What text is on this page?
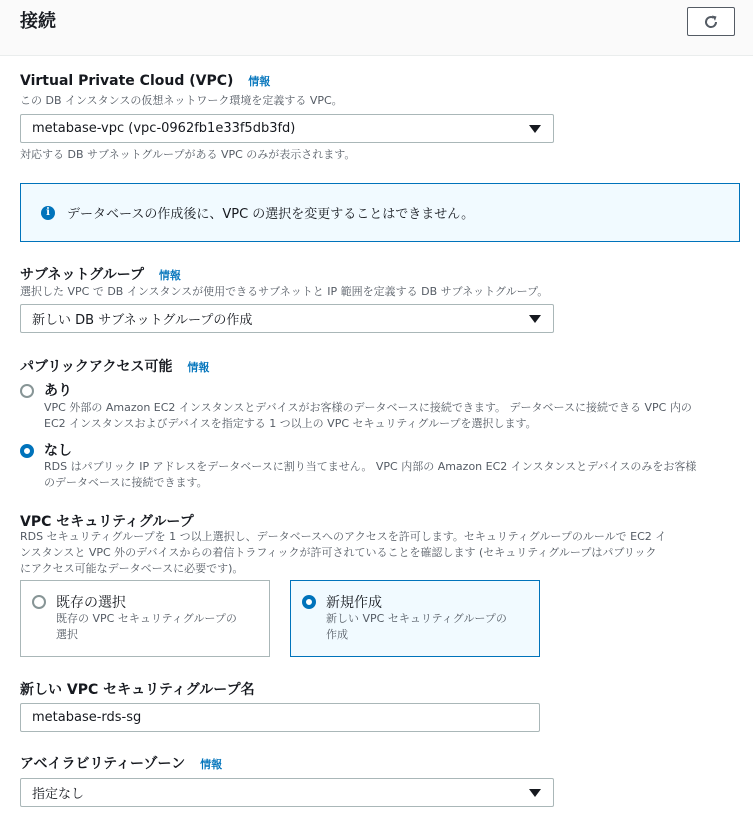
接続
Virtual Private Cloud (VPC) 情報
この DB インスタンスの仮想ネットワーク環境を定義する VPC。
metabase-vpc (vpc-0962fb1e33f5db3fd)
対応する DB サブネットグループがある VPC のみが表示されます。
i	データベースの作成後に、VPC の選択を変更することはできません。
サブネットグループ 情報
選択した VPC で DB インスタンスが使用できるサブネットと IP 範囲を定義する DB サブネットグループ。
新しい DB サブネットグループの作成
パブリックアクセス可能 情報
あり
VPC 外部の Amazon EC2 インスタンスとデバイスがお客様のデータベースに接続できます。 データベースに接続できる VPC 内の
EC2 インスタンスおよびデバイスを指定する 1 つ以上の VPC セキュリティグループを選択します。
なし
RDS はパブリック IP アドレスをデータベースに割り当てません。 VPC 内部の Amazon EC2 インスタンスとデバイスのみをお客様
のデータベースに接続できます。
VPC セキュリティグループ
RDS セキュリティグループを 1 つ以上選択し、データベースへのアクセスを許可します。セキュリティグループのルールで EC2 イ
ンスタンスと VPC 外のデバイスからの着信トラフィックが許可されていることを確認します (セキュリティグループはパブリック
にアクセス可能なデータベースに必要です)。
既存の選択
既存の VPC セキュリティグループの
選択
新規作成
新しい VPC セキュリティグループの
作成
新しい VPC セキュリティグループ名
metabase-rds-sg
アベイラビリティーゾーン 情報
指定なし
